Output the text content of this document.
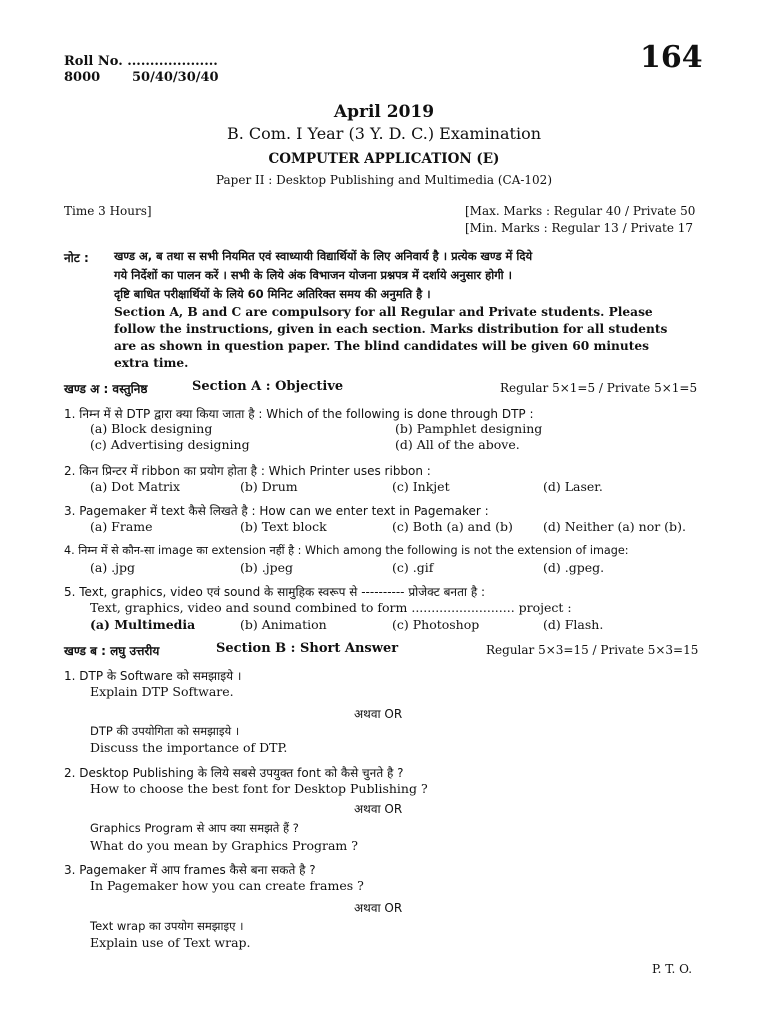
Roll No. ....................
8000 50/40/30/40
164
April 2019
B. Com. I Year (3 Y. D. C.) Examination
COMPUTER APPLICATION (E)
Paper II : Desktop Publishing and Multimedia (CA-102)
Time 3 Hours]	[Max. Marks : Regular 40 / Private 50
[Min. Marks : Regular 13 / Private 17
नोट : खण्ड अ, ब तथा स सभी नियमित एवं स्वाध्यायी विद्यार्थियों के लिए अनिवार्य है । प्रत्येक खण्ड में दिये
गये निर्देशों का पालन करें । सभी के लिये अंक विभाजन योजना प्रश्नपत्र में दर्शाये अनुसार होगी ।
दृष्टि बाधित परीक्षार्थियों के लिये 60 मिनिट अतिरिक्त समय की अनुमति है ।
Section A, B and C are compulsory for all Regular and Private students. Please
follow the instructions, given in each section. Marks distribution for all students
are as shown in question paper. The blind candidates will be given 60 minutes
extra time.
खण्ड अ : वस्तुनिष्ठ	Section A : Objective	Regular 5×1=5 / Private 5×1=5
1. निम्न में से DTP द्वारा क्या किया जाता है : Which of the following is done through DTP :
(a) Block designing	(b) Pamphlet designing
(c) Advertising designing	(d) All of the above.
2. किन प्रिन्टर में ribbon का प्रयोग होता है : Which Printer uses ribbon :
(a) Dot Matrix	(b) Drum	(c) Inkjet	(d) Laser.
3. Pagemaker में text कैसे लिखते है : How can we enter text in Pagemaker :
(a) Frame	(b) Text block	(c) Both (a) and (b) (d) Neither (a) nor (b).
4. निम्न में से कौन-सा image का extension नहीं है : Which among the following is not the extension of image:
(a) .jpg	(b) .jpeg	(c) .gif	(d) .gpeg.
5. Text, graphics, video एवं sound के सामुहिक स्वरूप से ---------- प्रोजेक्ट बनता है :
Text, graphics, video and sound combined to form .......................... project :
(a) Multimedia	(b) Animation	(c) Photoshop	(d) Flash.
खण्ड ब : लघु उत्तरीय	Section B : Short Answer	Regular 5×3=15 / Private 5×3=15
1. DTP के Software को समझाइये ।
Explain DTP Software.
अथवा OR
DTP की उपयोगिता को समझाइये ।
Discuss the importance of DTP.
2. Desktop Publishing के लिये सबसे उपयुक्त font को कैसे चुनते है ?
How to choose the best font for Desktop Publishing ?
अथवा OR
Graphics Program से आप क्या समझते हैं ?
What do you mean by Graphics Program ?
3. Pagemaker में आप frames कैसे बना सकते है ?
In Pagemaker how you can create frames ?
अथवा OR
Text wrap का उपयोग समझाइए ।
Explain use of Text wrap.
P. T. O.
